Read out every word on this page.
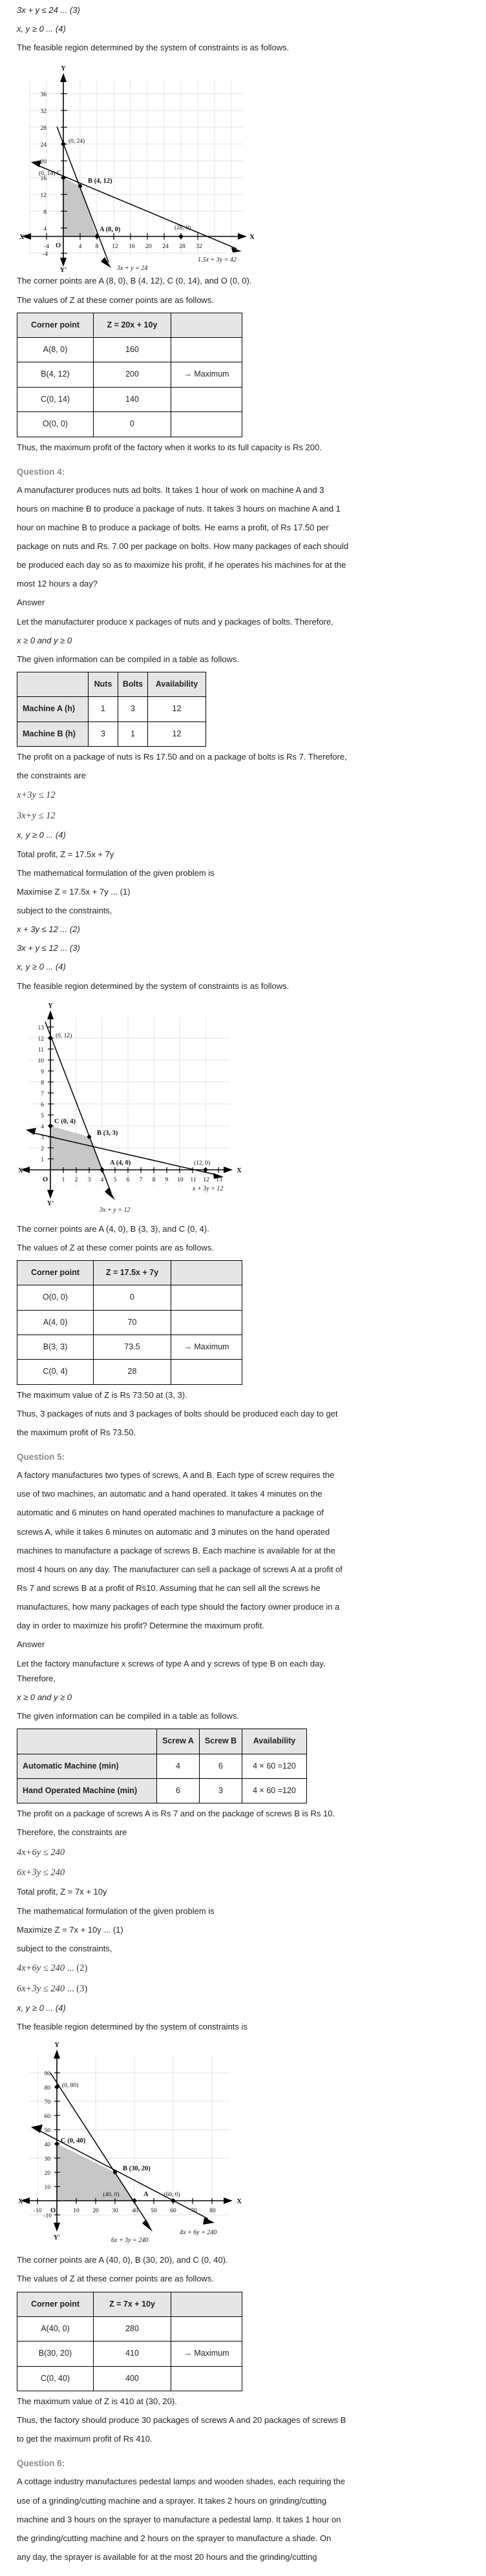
3x + y ≤ 24 ... (3)

x, y ≥ 0 ... (4)

The feasible region determined by the system of constraints is as follows.

36
32
28
24
20
16
12
8
4
-4
-4	4 8 12 16 20 24 28 32
(0, 24)
(0, 14) C
B (4, 12)
A (8, 0)	(28, 0)
Y
Y'
X
X'
O
3x + y = 24
1.5x + 3y = 42

The corner points are A (8, 0), B (4, 12), C (0, 14), and O (0, 0).

The values of Z at these corner points are as follows.

Corner point	Z = 20x + 10y	
A(8, 0)	160	
B(4, 12)	200	→ Maximum
C(0, 14)	140	
O(0, 0)	0	

Thus, the maximum profit of the factory when it works to its full capacity is Rs 200.

Question 4:

A manufacturer produces nuts ad bolts. It takes 1 hour of work on machine A and 3

hours on machine B to produce a package of nuts. It takes 3 hours on machine A and 1

hour on machine B to produce a package of bolts. He earns a profit, of Rs 17.50 per

package on nuts and Rs. 7.00 per package on bolts. How many packages of each should

be produced each day so as to maximize his profit, if he operates his machines for at the

most 12 hours a day?

Answer

Let the manufacturer produce x packages of nuts and y packages of bolts. Therefore,

x ≥ 0 and y ≥ 0

The given information can be compiled in a table as follows.

	Nuts	Bolts	Availability
Machine A (h)	1	3	12
Machine B (h)	3	1	12

The profit on a package of nuts is Rs 17.50 and on a package of bolts is Rs 7. Therefore,

the constraints are

x+3y ≤ 12

3x+y ≤ 12

x, y ≥ 0 ... (4)

Total profit, Z = 17.5x + 7y

The mathematical formulation of the given problem is

Maximise Z = 17.5x + 7y ... (1)

subject to the constraints,

x + 3y ≤ 12 ... (2)

3x + y ≤ 12 ... (3)

x, y ≥ 0 ... (4)

The feasible region determined by the system of constraints is as follows.

13
12
11
10
9
8
7
6
5
4
3
2
1
1 2 3 4 5 6 7 8 9 10 11 12 13
(0, 12)
C (0, 4)
B (3, 3)
A (4, 0)	(12, 0)
Y
Y'
X
X'
O
3x + y = 12
x + 3y = 12

The corner points are A (4, 0), B (3, 3), and C (0, 4).

The values of Z at these corner points are as follows.

Corner point	Z = 17.5x + 7y	
O(0, 0)	0	
A(4, 0)	70	
B(3, 3)	73.5	→ Maximum
C(0, 4)	28	

The maximum value of Z is Rs 73.50 at (3, 3).

Thus, 3 packages of nuts and 3 packages of bolts should be produced each day to get

the maximum profit of Rs 73.50.

Question 5:

A factory manufactures two types of screws, A and B. Each type of screw requires the

use of two machines, an automatic and a hand operated. It takes 4 minutes on the

automatic and 6 minutes on hand operated machines to manufacture a package of

screws A, while it takes 6 minutes on automatic and 3 minutes on the hand operated

machines to manufacture a package of screws B. Each machine is available for at the

most 4 hours on any day. The manufacturer can sell a package of screws A at a profit of

Rs 7 and screws B at a profit of Rs10. Assuming that he can sell all the screws he

manufactures, how many packages of each type should the factory owner produce in a

day in order to maximize his profit? Determine the maximum profit.

Answer

Let the factory manufacture x screws of type A and y screws of type B on each day.

Therefore,

x ≥ 0 and y ≥ 0

The given information can be compiled in a table as follows.

	Screw A	Screw B	Availability
Automatic Machine (min)	4	6	4 × 60 =120
Hand Operated Machine (min)	6	3	4 × 60 =120

The profit on a package of screws A is Rs 7 and on the package of screws B is Rs 10.

Therefore, the constraints are

4x+6y ≤ 240

6x+3y ≤ 240

Total profit, Z = 7x + 10y

The mathematical formulation of the given problem is

Maximize Z = 7x + 10y ... (1)

subject to the constraints,

4x+6y ≤ 240 ... (2)

6x+3y ≤ 240 ... (3)

x, y ≥ 0 ... (4)

The feasible region determined by the system of constraints is

90
80
70
60
50
40
30
20
10
-10
-10	10 20 30 40 50 60 70 80
(0, 80)
C (0, 40)
B (30, 20)
(40, 0)	A (60, 0)
Y
Y'
X
X'
O
6x + 3y = 240
4x + 6y = 240

The corner points are A (40, 0), B (30, 20), and C (0, 40).

The values of Z at these corner points are as follows.

Corner point	Z = 7x + 10y	
A(40, 0)	280	
B(30, 20)	410	→ Maximum
C(0, 40)	400	

The maximum value of Z is 410 at (30, 20).

Thus, the factory should produce 30 packages of screws A and 20 packages of screws B

to get the maximum profit of Rs 410.

Question 6:

A cottage industry manufactures pedestal lamps and wooden shades, each requiring the

use of a grinding/cutting machine and a sprayer. It takes 2 hours on grinding/cutting

machine and 3 hours on the sprayer to manufacture a pedestal lamp. It takes 1 hour on

the grinding/cutting machine and 2 hours on the sprayer to manufacture a shade. On

any day, the sprayer is available for at the most 20 hours and the grinding/cutting
